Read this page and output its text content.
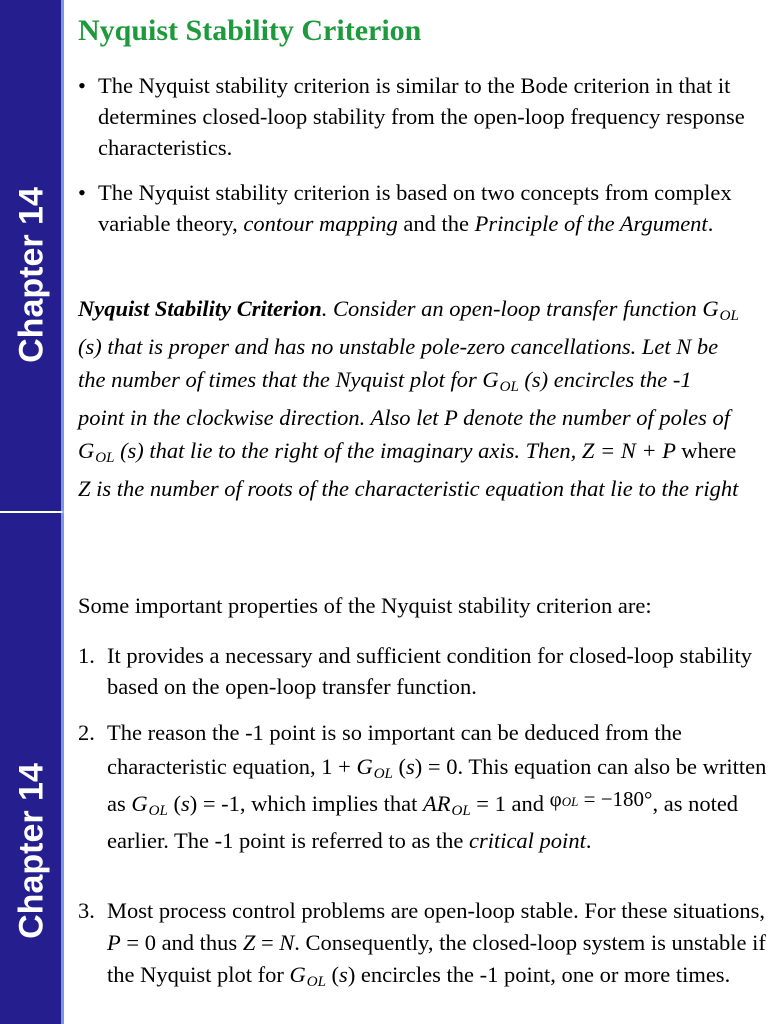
Chapter 14
Nyquist Stability Criterion
• The Nyquist stability criterion is similar to the Bode criterion in that it determines closed-loop stability from the open-loop frequency response characteristics.
• The Nyquist stability criterion is based on two concepts from complex variable theory, contour mapping and the Principle of the Argument.
Nyquist Stability Criterion. Consider an open-loop transfer function GOL (s) that is proper and has no unstable pole-zero cancellations. Let N be the number of times that the Nyquist plot for GOL (s) encircles the -1 point in the clockwise direction. Also let P denote the number of poles of GOL (s) that lie to the right of the imaginary axis. Then, Z = N + P where Z is the number of roots of the characteristic equation that lie to the right
Chapter 14
Some important properties of the Nyquist stability criterion are:
1. It provides a necessary and sufficient condition for closed-loop stability based on the open-loop transfer function.
2. The reason the -1 point is so important can be deduced from the characteristic equation, 1 + GOL (s) = 0. This equation can also be written as GOL (s) = -1, which implies that AROL = 1 and φOL = −180°, as noted earlier. The -1 point is referred to as the critical point.
3. Most process control problems are open-loop stable. For these situations, P = 0 and thus Z = N. Consequently, the closed-loop system is unstable if the Nyquist plot for GOL (s) encircles the -1 point, one or more times.
